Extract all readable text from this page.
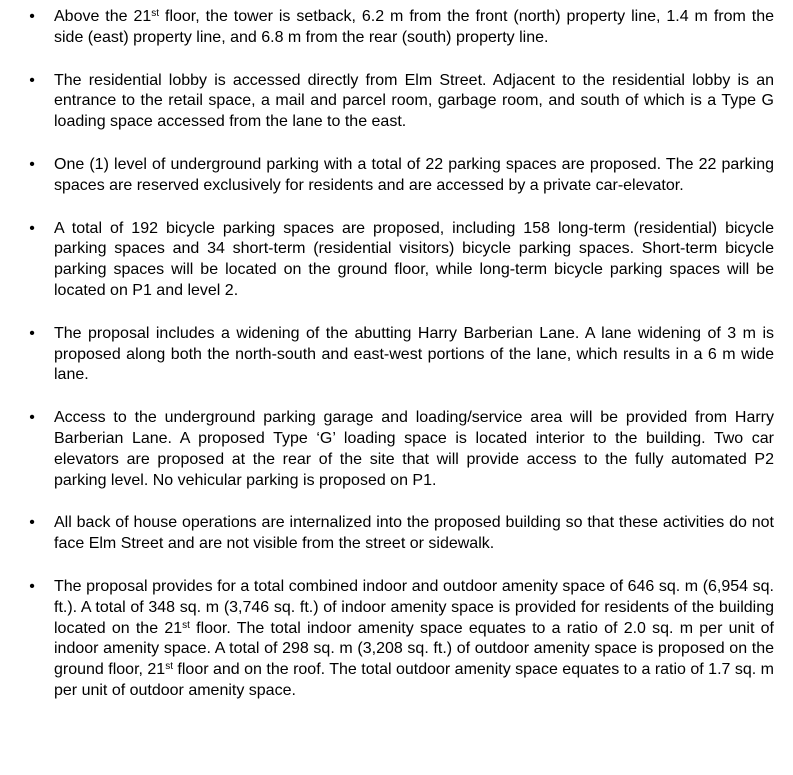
• Above the 21st floor, the tower is setback, 6.2 m from the front (north) property line, 1.4 m from the side (east) property line, and 6.8 m from the rear (south) property line.
• The residential lobby is accessed directly from Elm Street. Adjacent to the residential lobby is an entrance to the retail space, a mail and parcel room, garbage room, and south of which is a Type G loading space accessed from the lane to the east.
• One (1) level of underground parking with a total of 22 parking spaces are proposed. The 22 parking spaces are reserved exclusively for residents and are accessed by a private car-elevator.
• A total of 192 bicycle parking spaces are proposed, including 158 long-term (residential) bicycle parking spaces and 34 short-term (residential visitors) bicycle parking spaces. Short-term bicycle parking spaces will be located on the ground floor, while long-term bicycle parking spaces will be located on P1 and level 2.
• The proposal includes a widening of the abutting Harry Barberian Lane. A lane widening of 3 m is proposed along both the north-south and east-west portions of the lane, which results in a 6 m wide lane.
• Access to the underground parking garage and loading/service area will be provided from Harry Barberian Lane. A proposed Type ‘G’ loading space is located interior to the building. Two car elevators are proposed at the rear of the site that will provide access to the fully automated P2 parking level. No vehicular parking is proposed on P1.
• All back of house operations are internalized into the proposed building so that these activities do not face Elm Street and are not visible from the street or sidewalk.
• The proposal provides for a total combined indoor and outdoor amenity space of 646 sq. m (6,954 sq. ft.). A total of 348 sq. m (3,746 sq. ft.) of indoor amenity space is provided for residents of the building located on the 21st floor. The total indoor amenity space equates to a ratio of 2.0 sq. m per unit of indoor amenity space. A total of 298 sq. m (3,208 sq. ft.) of outdoor amenity space is proposed on the ground floor, 21st floor and on the roof. The total outdoor amenity space equates to a ratio of 1.7 sq. m per unit of outdoor amenity space.
